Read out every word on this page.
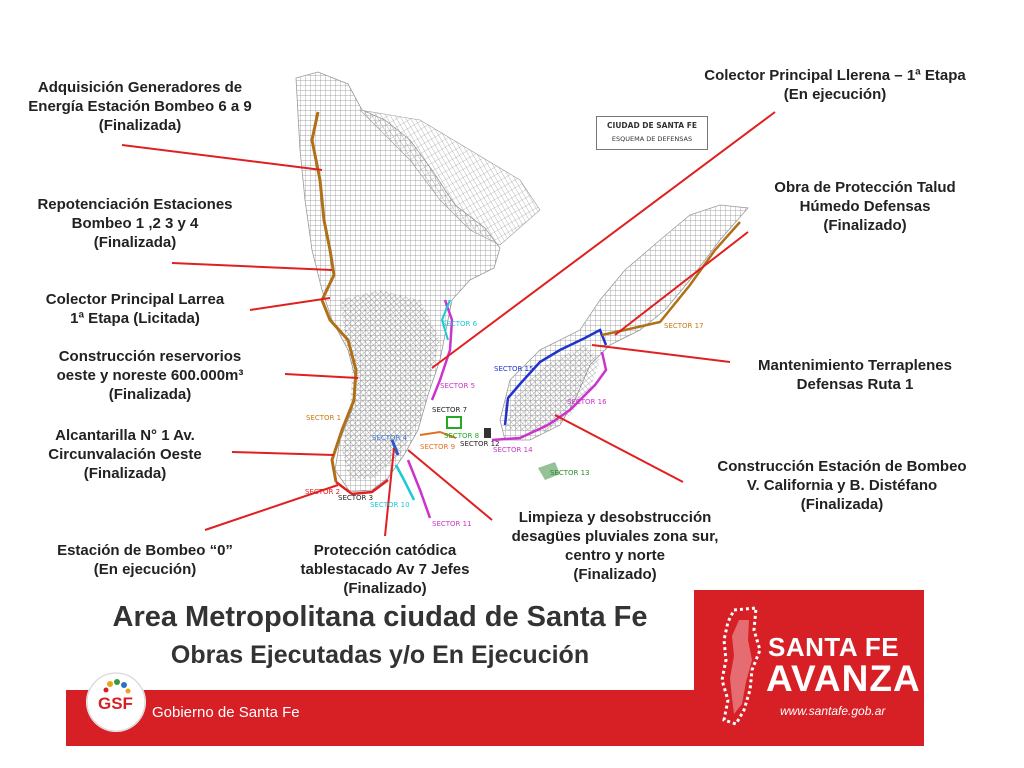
CIUDAD DE SANTA FE
ESQUEMA DE DEFENSAS
SECTOR 6
SECTOR 5
SECTOR 1
SECTOR 7
SECTOR 4	SECTOR 8
SECTOR 9 SECTOR 12
SECTOR 2
SECTOR 3
SECTOR 10
SECTOR 11
SECTOR 14
SECTOR 15
SECTOR 16
SECTOR 13
SECTOR 17
Adquisición Generadores de
Energía Estación Bombeo 6 a 9
(Finalizada)
Repotenciación Estaciones
Bombeo 1 ,2 3 y 4
(Finalizada)
Colector Principal Larrea
1ª Etapa (Licitada)
Construcción reservorios
oeste y noreste 600.000m³
(Finalizada)
Alcantarilla N° 1 Av.
Circunvalación Oeste
(Finalizada)
Estación de Bombeo “0”
(En ejecución)
Protección catódica
tablestacado Av 7 Jefes
(Finalizado)
Limpieza y desobstrucción
desagües pluviales zona sur,
centro y norte
(Finalizado)
Colector Principal Llerena – 1ª Etapa
(En ejecución)
Obra de Protección Talud
Húmedo Defensas
(Finalizado)
Mantenimiento Terraplenes
Defensas Ruta 1
Construcción Estación de Bombeo
V. California y B. Distéfano
(Finalizada)
Area Metropolitana ciudad de Santa Fe
Obras Ejecutadas y/o En Ejecución
GSF Gobierno de Santa Fe
SANTA FE
AVANZA
www.santafe.gob.ar
